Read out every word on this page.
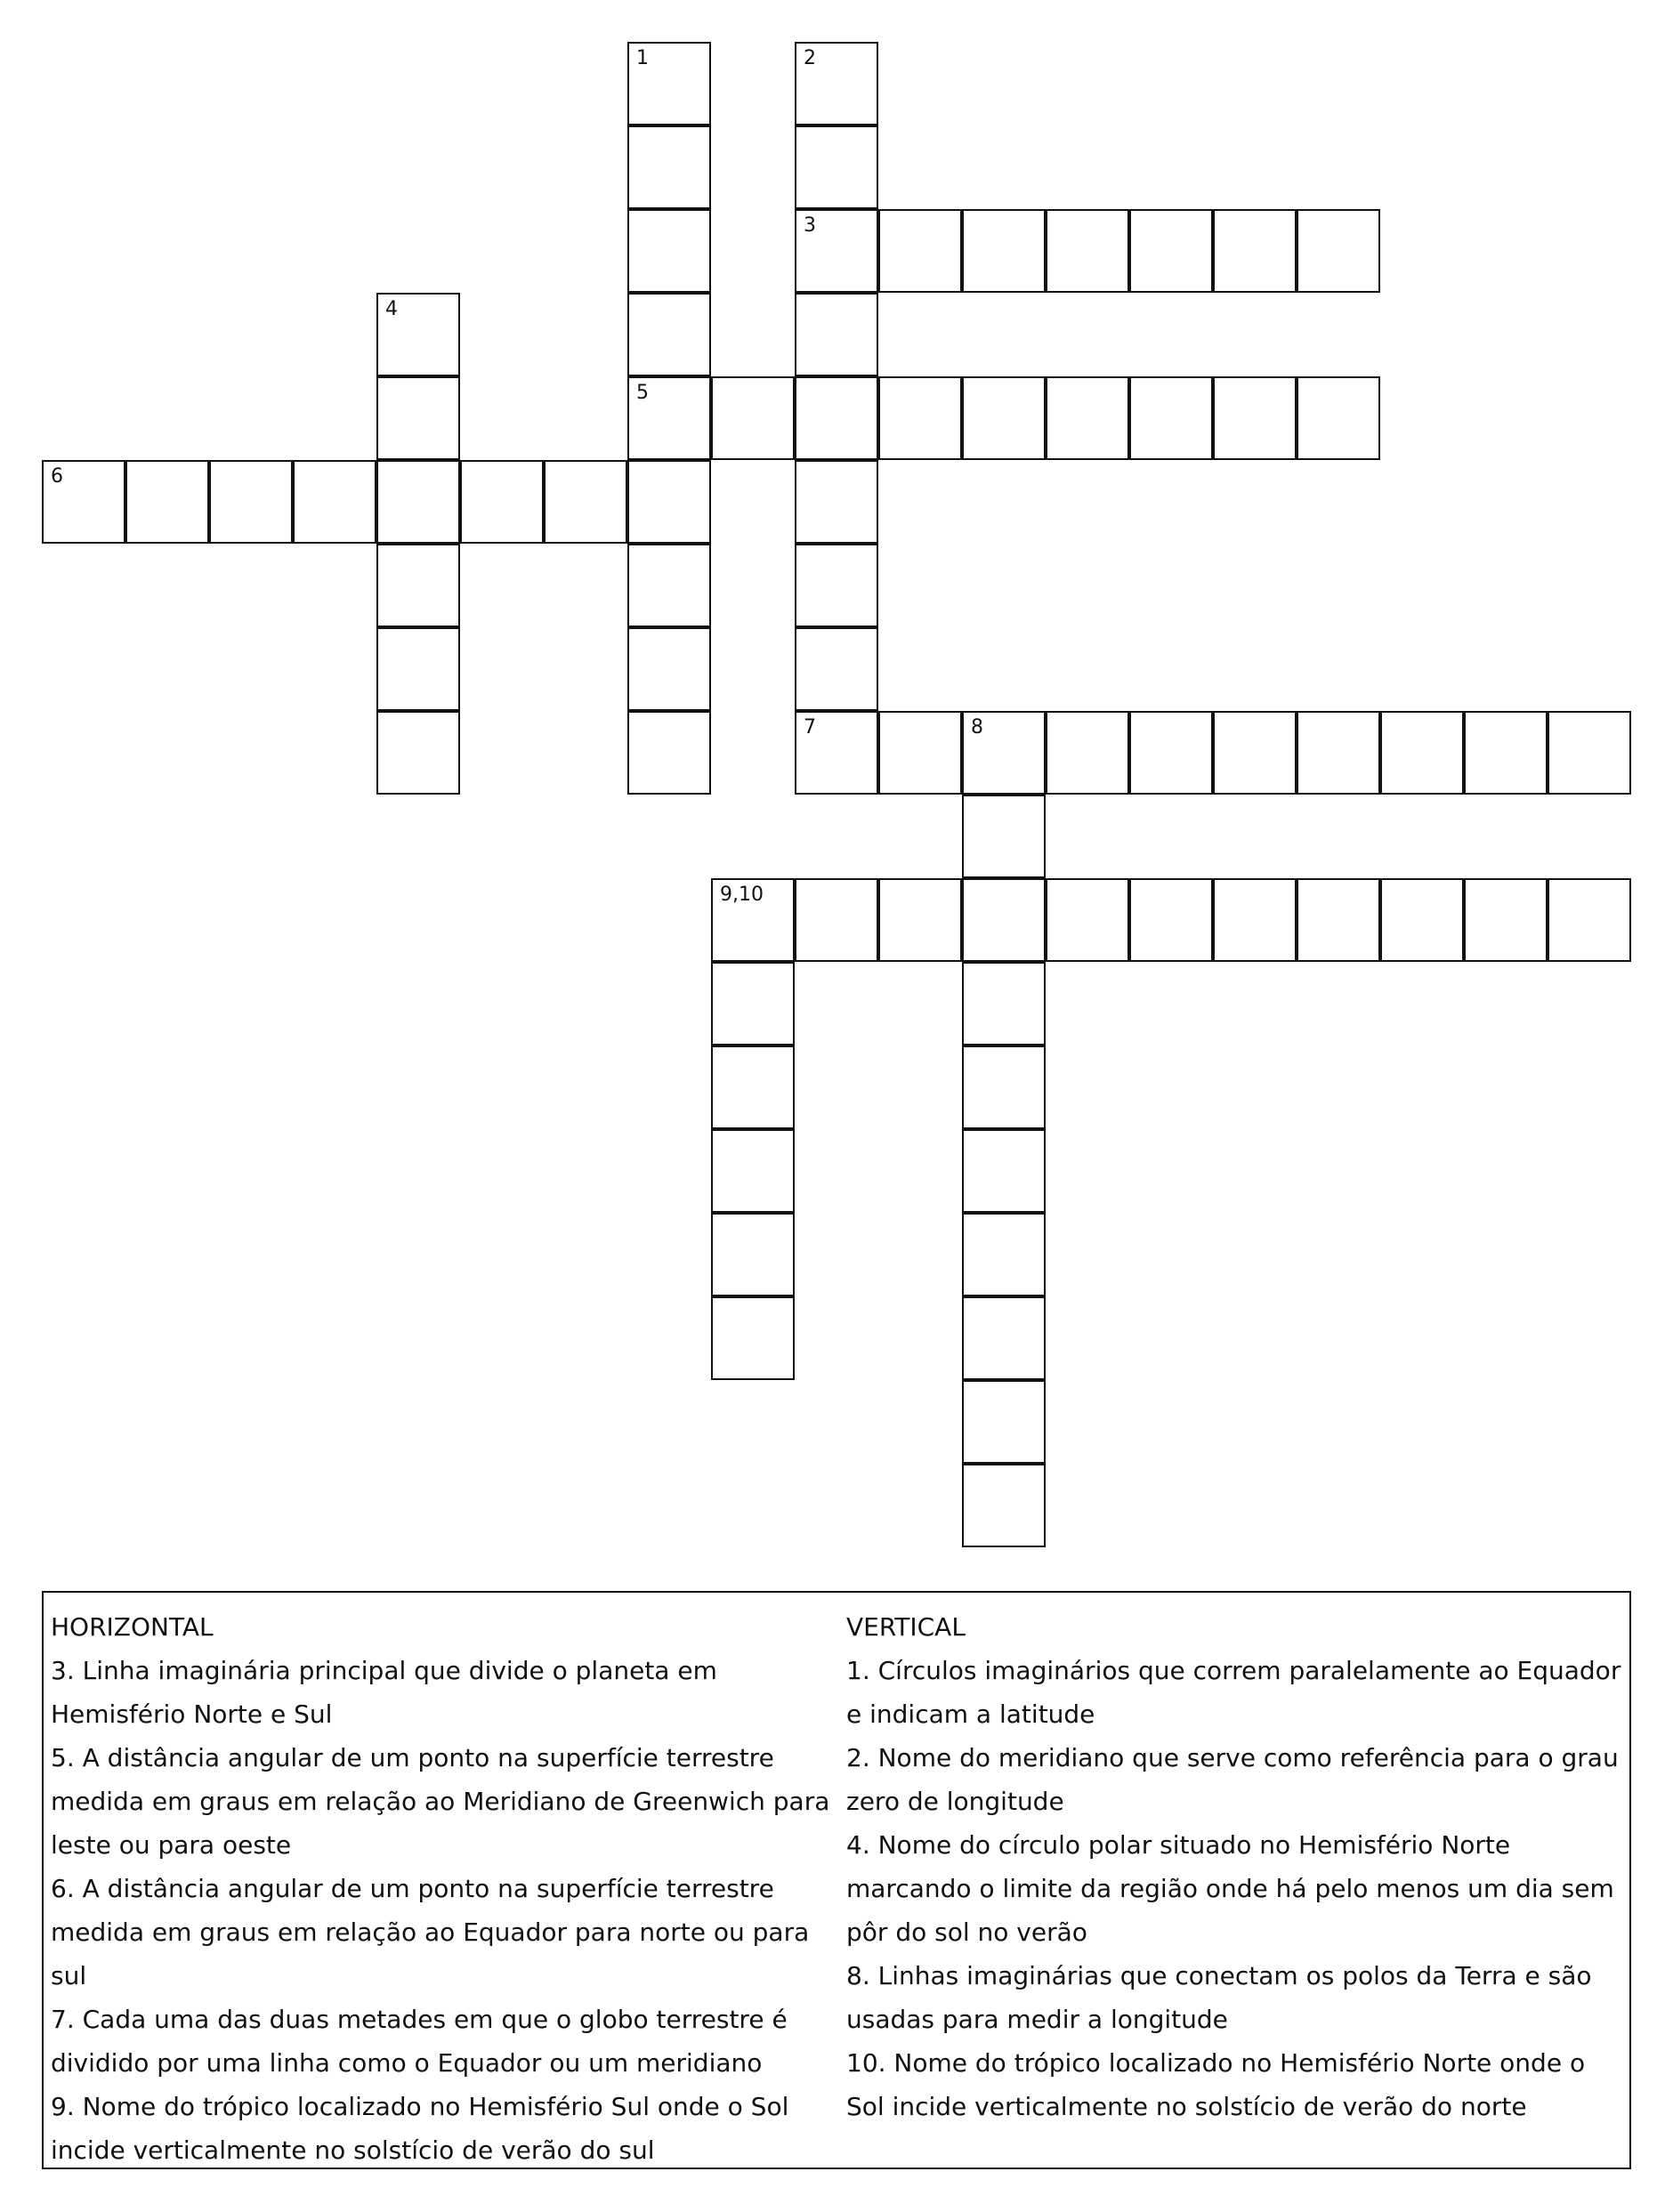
1
5
2
3
7
4
6
8
9,10
HORIZONTAL
3. Linha imaginária principal que divide o planeta em Hemisfério Norte e Sul
5. A distância angular de um ponto na superfície terrestre medida em graus em relação ao Meridiano de Greenwich para leste ou para oeste
6. A distância angular de um ponto na superfície terrestre medida em graus em relação ao Equador para norte ou para sul
7. Cada uma das duas metades em que o globo terrestre é dividido por uma linha como o Equador ou um meridiano
9. Nome do trópico localizado no Hemisfério Sul onde o Sol incide verticalmente no solstício de verão do sul
VERTICAL
1. Círculos imaginários que correm paralelamente ao Equador e indicam a latitude
2. Nome do meridiano que serve como referência para o grau zero de longitude
4. Nome do círculo polar situado no Hemisfério Norte marcando o limite da região onde há pelo menos um dia sem pôr do sol no verão
8. Linhas imaginárias que conectam os polos da Terra e são usadas para medir a longitude
10. Nome do trópico localizado no Hemisfério Norte onde o Sol incide verticalmente no solstício de verão do norte
